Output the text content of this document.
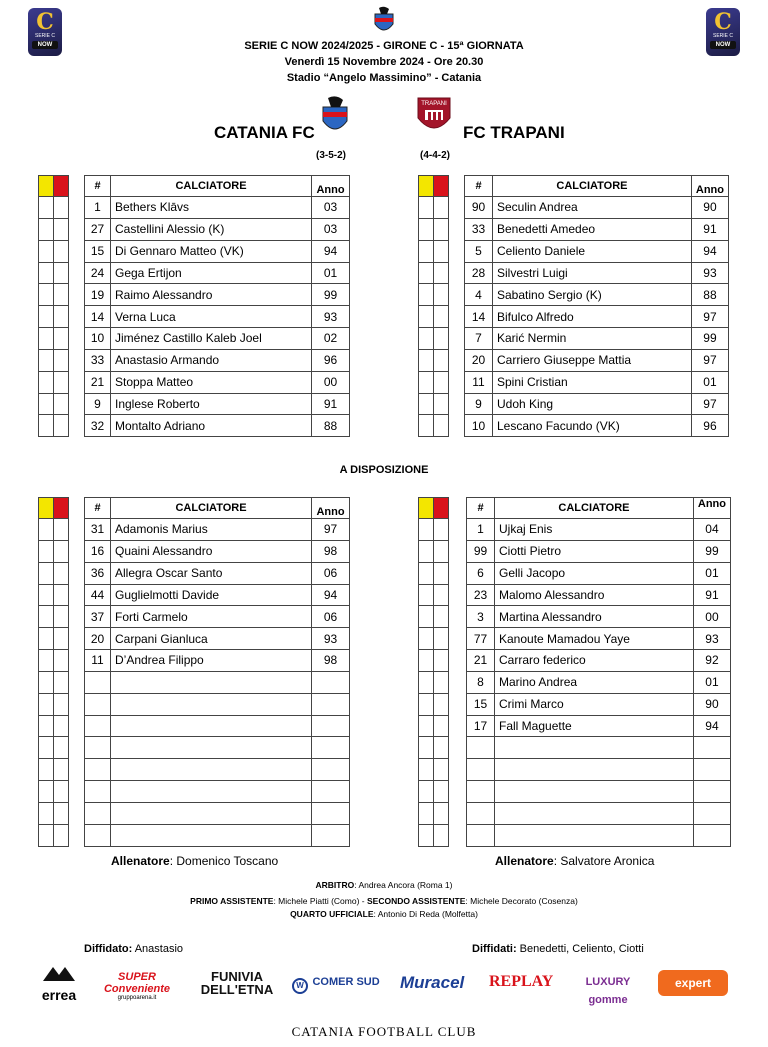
C
SERIE C
NOW
C
SERIE C
NOW
SERIE C NOW 2024/2025 - GIRONE C - 15ª GIORNATA
Venerdì 15 Novembre 2024 - Ore 20.30
Stadio “Angelo Massimino” - Catania
CATANIA FC
(3-5-2)
TRAPANI
FC TRAPANI
(4-4-2)

#	CALCIATORE	Anno
1	Bethers Klāvs	03
27	Castellini Alessio (K)	03
15	Di Gennaro Matteo (VK)	94
24	Gega Ertijon	01
19	Raimo Alessandro	99
14	Verna Luca	93
10	Jiménez Castillo Kaleb Joel	02
33	Anastasio Armando	96
21	Stoppa Matteo	00
9	Inglese Roberto	91
32	Montalto Adriano	88

#	CALCIATORE	Anno
90	Seculin Andrea	90
33	Benedetti Amedeo	91
5	Celiento Daniele	94
28	Silvestri Luigi	93
4	Sabatino Sergio (K)	88
14	Bifulco Alfredo	97
7	Karić Nermin	99
20	Carriero Giuseppe Mattia	97
11	Spini Cristian	01
9	Udoh King	97
10	Lescano Facundo (VK)	96
A DISPOSIZIONE

#	CALCIATORE	Anno
31	Adamonis Marius	97
16	Quaini Alessandro	98
36	Allegra Oscar Santo	06
44	Guglielmotti Davide	94
37	Forti Carmelo	06
20	Carpani Gianluca	93
11	D’Andrea Filippo	98

#	CALCIATORE	Anno
1	Ujkaj Enis	04
99	Ciotti Pietro	99
6	Gelli Jacopo	01
23	Malomo Alessandro	91
3	Martina Alessandro	00
77	Kanoute Mamadou Yaye	93
21	Carraro federico	92
8	Marino Andrea	01
15	Crimi Marco	90
17	Fall Maguette	94

Allenatore: Domenico Toscano	Allenatore: Salvatore Aronica
ARBITRO: Andrea Ancora (Roma 1)
PRIMO ASSISTENTE: Michele Piatti (Como) - SECONDO ASSISTENTE: Michele Decorato (Cosenza)
QUARTO UFFICIALE: Antonio Di Reda (Molfetta)
Diffidato: Anastasio	Diffidati: Benedetti, Celiento, Ciotti
errea
SUPER Conveniente
gruppoarena.it
FUNIVIA DELL'ETNA	W COMER SUD	Muracel	REPLAY	LUXURY gomme
expert
CATANIA FOOTBALL CLUB
